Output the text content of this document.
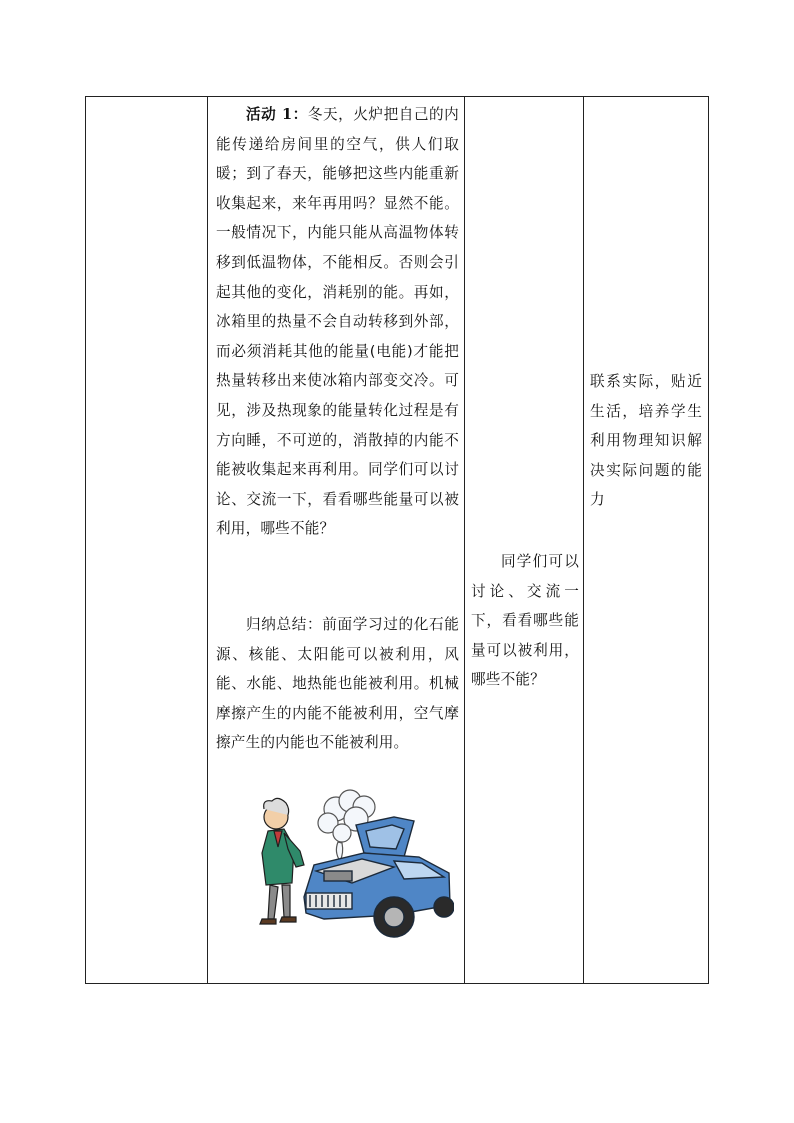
活动 1：冬天，火炉把自己的内能传递给房间里的空气，供人们取暖；到了春天，能够把这些内能重新收集起来，来年再用吗？显然不能。一般情况下，内能只能从高温物体转移到低温物体，不能相反。否则会引起其他的变化，消耗别的能。再如，冰箱里的热量不会自动转移到外部，而必须消耗其他的能量(电能)才能把热量转移出来使冰箱内部变交冷。可见，涉及热现象的能量转化过程是有方向睡，不可逆的，消散掉的内能不能被收集起来再利用。同学们可以讨论、交流一下，看看哪些能量可以被利用，哪些不能？
归纳总结：前面学习过的化石能源、核能、太阳能可以被利用，风能、水能、地热能也能被利用。机械摩擦产生的内能不能被利用，空气摩擦产生的内能也不能被利用。
同学们可以讨论、交流一下，看看哪些能量可以被利用，哪些不能？
联系实际，贴近生活，培养学生利用物理知识解决实际问题的能力
